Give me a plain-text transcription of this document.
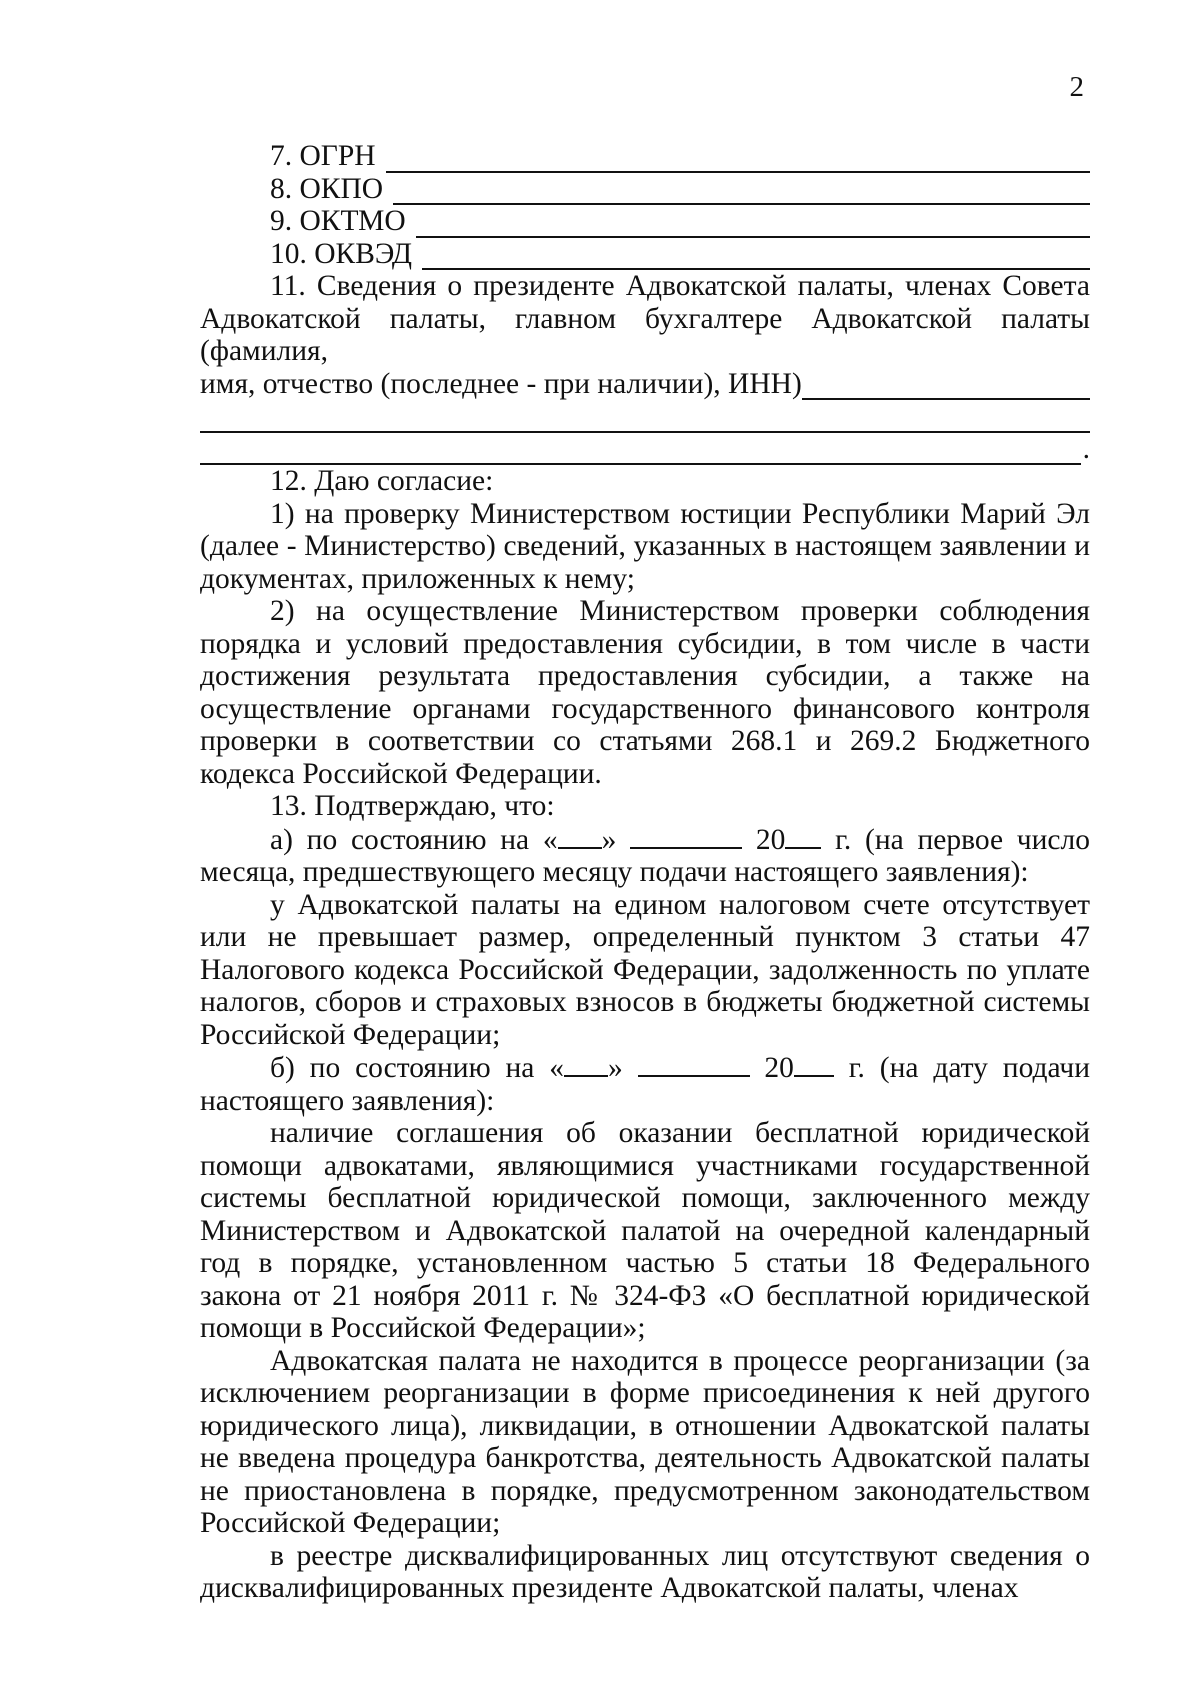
2
7. ОГРН
8. ОКПО
9. ОКТМО
10. ОКВЭД

11. Сведения о президенте Адвокатской палаты, членах Совета Адвокатской палаты, главном бухгалтере Адвокатской палаты (фамилия,

имя, отчество (последнее - при наличии), ИНН)
.

12. Даю согласие:

1) на проверку Министерством юстиции Республики Марий Эл (далее - Министерство) сведений, указанных в настоящем заявлении и документах, приложенных к нему;

2) на осуществление Министерством проверки соблюдения порядка и условий предоставления субсидии, в том числе в части достижения результата предоставления субсидии, а также на осуществление органами государственного финансового контроля проверки в соответствии со статьями 268.1 и 269.2 Бюджетного кодекса Российской Федерации.

13. Подтверждаю, что:

а) по состоянию на « »	20 г. (на первое число месяца, предшествующего месяцу подачи настоящего заявления):

у Адвокатской палаты на едином налоговом счете отсутствует или не превышает размер, определенный пунктом 3 статьи 47 Налогового кодекса Российской Федерации, задолженность по уплате налогов, сборов и страховых взносов в бюджеты бюджетной системы Российской Федерации;

б) по состоянию на « »	20 г. (на дату подачи настоящего заявления):

наличие соглашения об оказании бесплатной юридической помощи адвокатами, являющимися участниками государственной системы бесплатной юридической помощи, заключенного между Министерством и Адвокатской палатой на очередной календарный год в порядке, установленном частью 5 статьи 18 Федерального закона от 21 ноября 2011 г. № 324-ФЗ «О бесплатной юридической помощи в Российской Федерации»;

Адвокатская палата не находится в процессе реорганизации (за исключением реорганизации в форме присоединения к ней другого юридического лица), ликвидации, в отношении Адвокатской палаты не введена процедура банкротства, деятельность Адвокатской палаты не приостановлена в порядке, предусмотренном законодательством Российской Федерации;

в реестре дисквалифицированных лиц отсутствуют сведения о дисквалифицированных президенте Адвокатской палаты, членах
